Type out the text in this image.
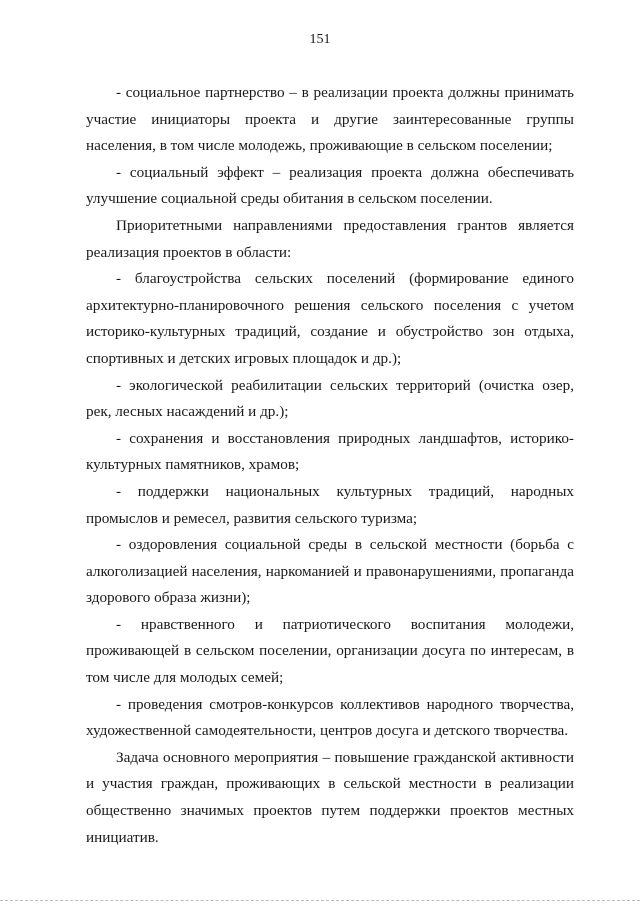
151

- социальное партнерство – в реализации проекта должны принимать участие инициаторы проекта и другие заинтересованные группы населения, в том числе молодежь, проживающие в сельском поселении;

- социальный эффект – реализация проекта должна обеспечивать улучшение социальной среды обитания в сельском поселении.

Приоритетными направлениями предоставления грантов является реализация проектов в области:

- благоустройства сельских поселений (формирование единого архитектурно-планировочного решения сельского поселения с учетом историко-культурных традиций, создание и обустройство зон отдыха, спортивных и детских игровых площадок и др.);

- экологической реабилитации сельских территорий (очистка озер, рек, лесных насаждений и др.);

- сохранения и восстановления природных ландшафтов, историко-культурных памятников, храмов;

- поддержки национальных культурных традиций, народных промыслов и ремесел, развития сельского туризма;

- оздоровления социальной среды в сельской местности (борьба с алкоголизацией населения, наркоманией и правонарушениями, пропаганда здорового образа жизни);

- нравственного и патриотического воспитания молодежи, проживающей в сельском поселении, организации досуга по интересам, в том числе для молодых семей;

- проведения смотров-конкурсов коллективов народного творчества, художественной самодеятельности, центров досуга и детского творчества.

Задача основного мероприятия – повышение гражданской активности и участия граждан, проживающих в сельской местности в реализации общественно значимых проектов путем поддержки проектов местных инициатив.
